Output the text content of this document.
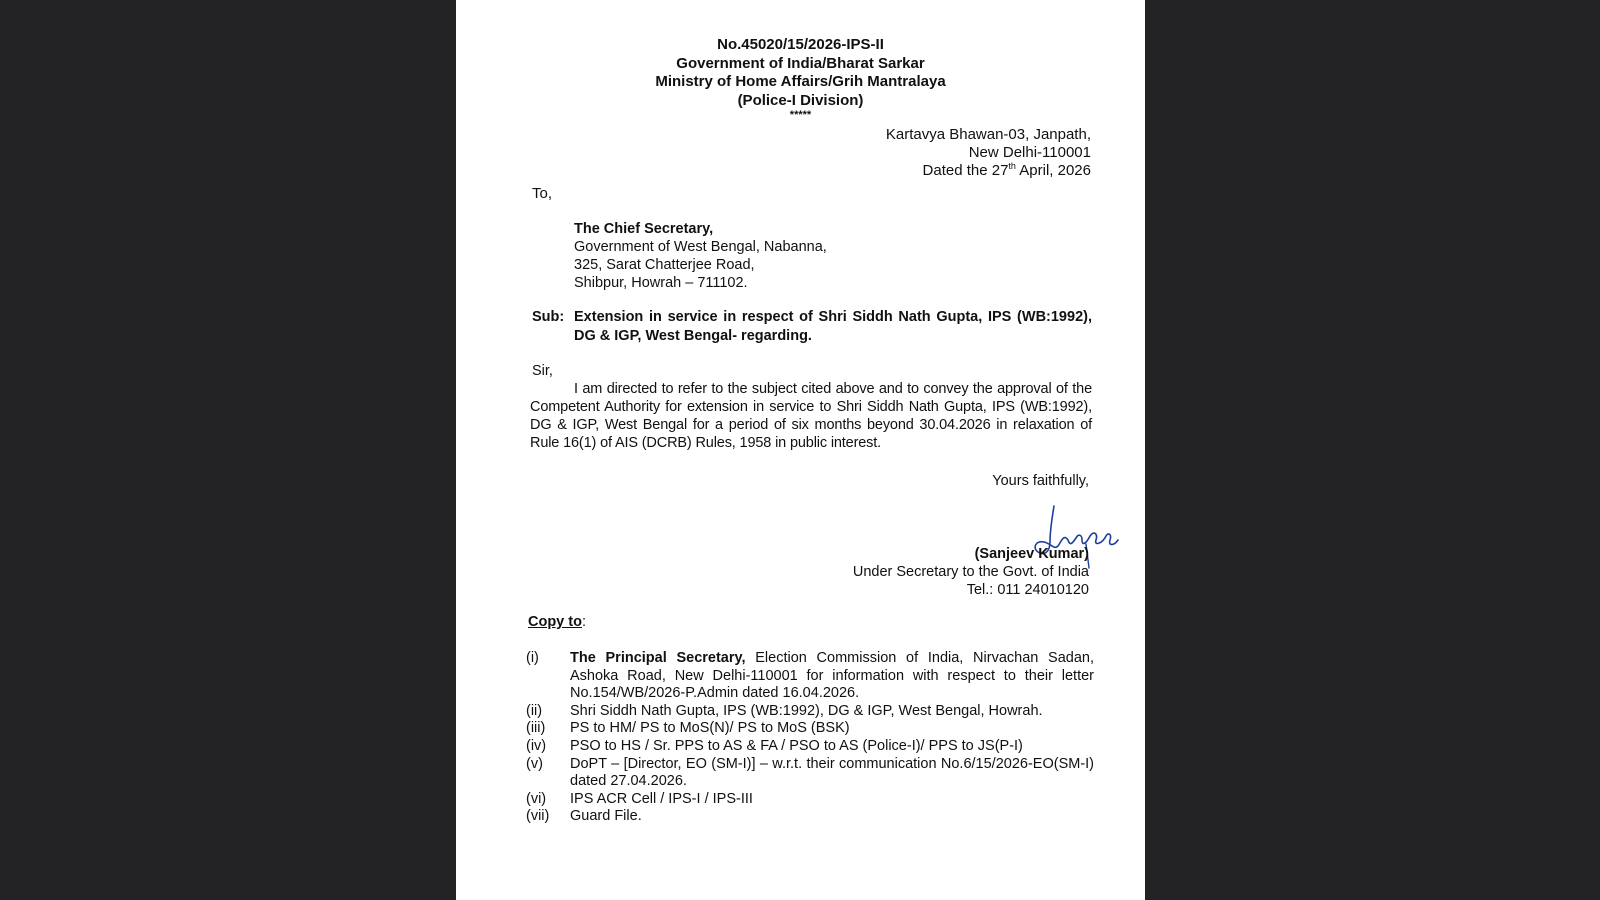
No.45020/15/2026-IPS-II
Government of India/Bharat Sarkar
Ministry of Home Affairs/Grih Mantralaya
(Police-I Division)
*****
Kartavya Bhawan-03, Janpath,
New Delhi-110001
Dated the 27th April, 2026
To,
The Chief Secretary,
Government of West Bengal, Nabanna,
325, Sarat Chatterjee Road,
Shibpur, Howrah – 711102.
Sub: Extension in service in respect of Shri Siddh Nath Gupta, IPS (WB:1992), DG & IGP, West Bengal- regarding.
Sir,
I am directed to refer to the subject cited above and to convey the approval of the Competent Authority for extension in service to Shri Siddh Nath Gupta, IPS (WB:1992), DG & IGP, West Bengal for a period of six months beyond 30.04.2026 in relaxation of Rule 16(1) of AIS (DCRB) Rules, 1958 in public interest.
Yours faithfully,
(Sanjeev Kumar)
Under Secretary to the Govt. of India
Tel.: 011 24010120
Copy to:
(i)	The Principal Secretary, Election Commission of India, Nirvachan Sadan, Ashoka Road, New Delhi-110001 for information with respect to their letter No.154/WB/2026-P.Admin dated 16.04.2026.
(ii)	Shri Siddh Nath Gupta, IPS (WB:1992), DG & IGP, West Bengal, Howrah.
(iii)	PS to HM/ PS to MoS(N)/ PS to MoS (BSK)
(iv)	PSO to HS / Sr. PPS to AS & FA / PSO to AS (Police-I)/ PPS to JS(P-I)
(v)	DoPT – [Director, EO (SM-I)] – w.r.t. their communication No.6/15/2026-EO(SM-I) dated 27.04.2026.
(vi)	IPS ACR Cell / IPS-I / IPS-III
(vii)	Guard File.
